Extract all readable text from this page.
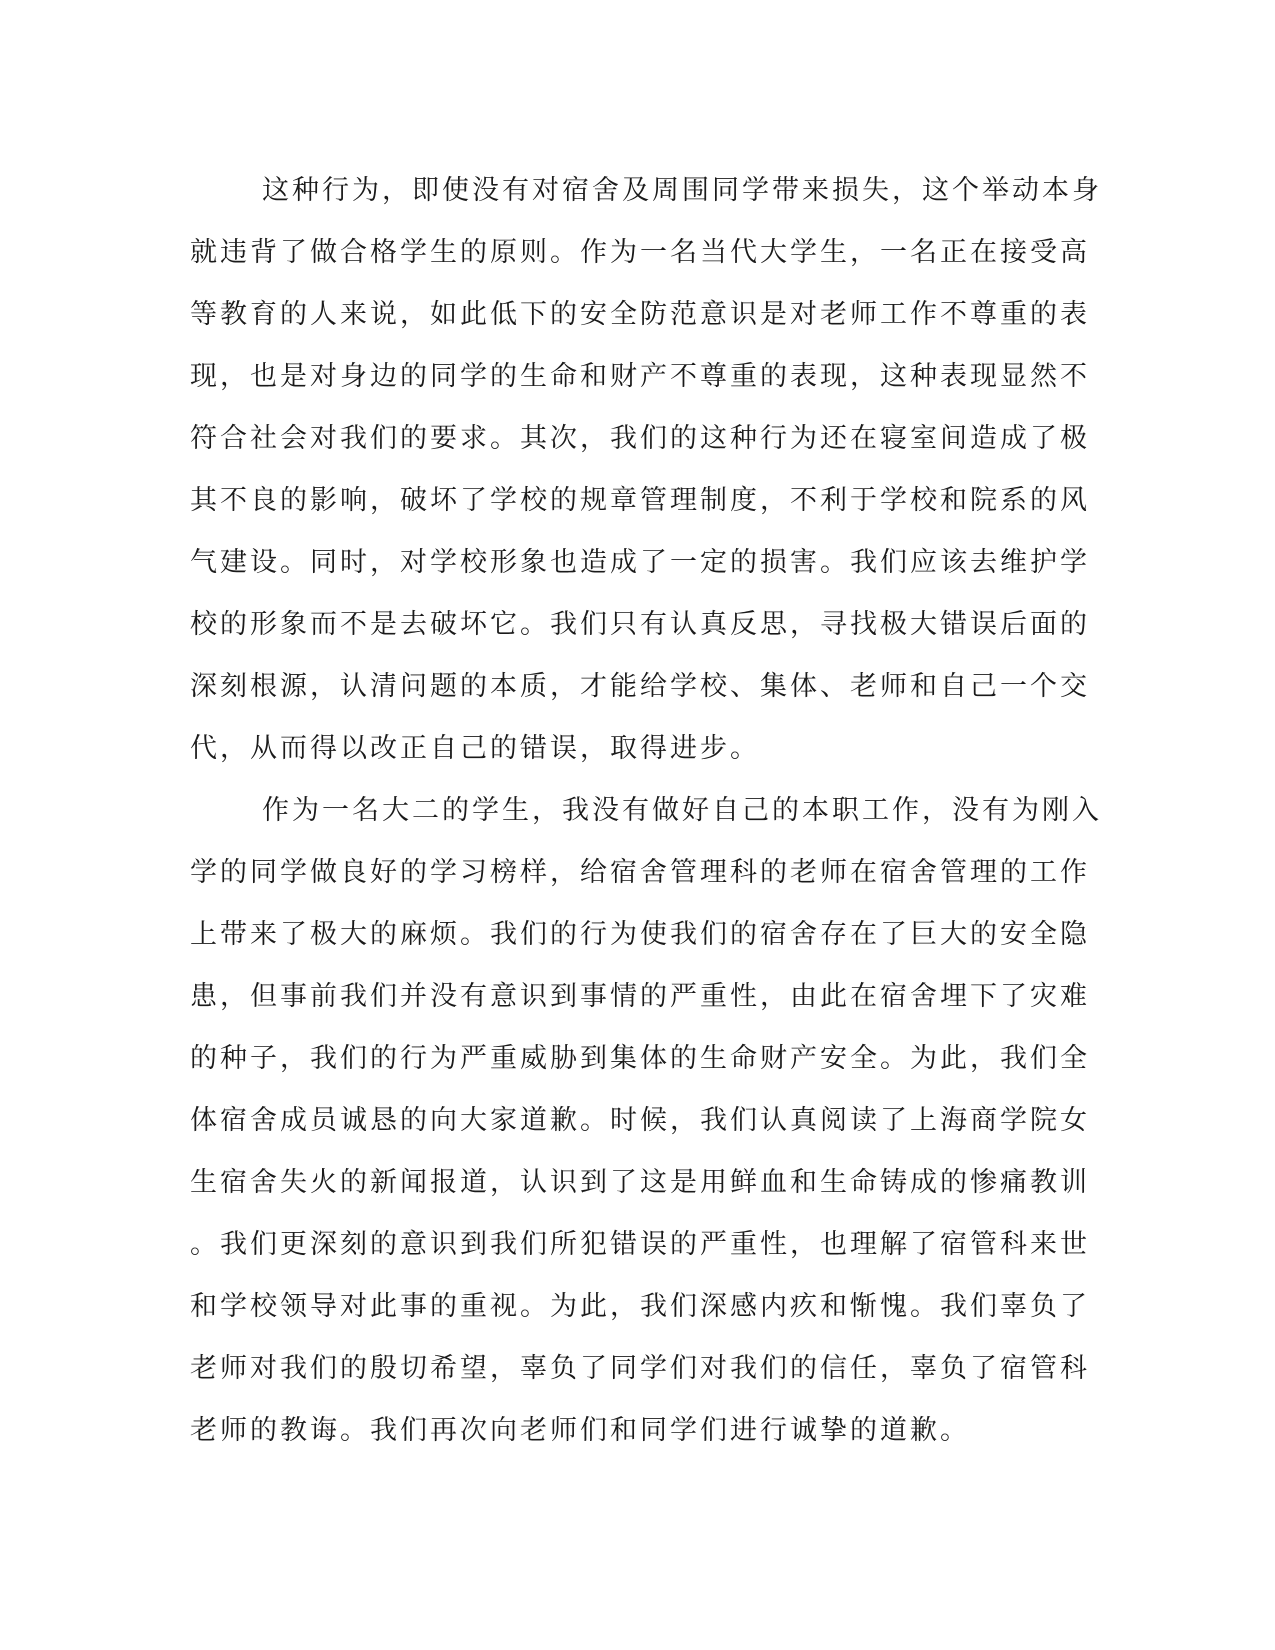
这种行为，即使没有对宿舍及周围同学带来损失，这个举动本身
就违背了做合格学生的原则。作为一名当代大学生，一名正在接受高
等教育的人来说，如此低下的安全防范意识是对老师工作不尊重的表
现，也是对身边的同学的生命和财产不尊重的表现，这种表现显然不
符合社会对我们的要求。其次，我们的这种行为还在寝室间造成了极
其不良的影响，破坏了学校的规章管理制度，不利于学校和院系的风
气建设。同时，对学校形象也造成了一定的损害。我们应该去维护学
校的形象而不是去破坏它。我们只有认真反思，寻找极大错误后面的
深刻根源，认清问题的本质，才能给学校、集体、老师和自己一个交
代，从而得以改正自己的错误，取得进步。
作为一名大二的学生，我没有做好自己的本职工作，没有为刚入
学的同学做良好的学习榜样，给宿舍管理科的老师在宿舍管理的工作
上带来了极大的麻烦。我们的行为使我们的宿舍存在了巨大的安全隐
患，但事前我们并没有意识到事情的严重性，由此在宿舍埋下了灾难
的种子，我们的行为严重威胁到集体的生命财产安全。为此，我们全
体宿舍成员诚恳的向大家道歉。时候，我们认真阅读了上海商学院女
生宿舍失火的新闻报道，认识到了这是用鲜血和生命铸成的惨痛教训
。我们更深刻的意识到我们所犯错误的严重性，也理解了宿管科来世
和学校领导对此事的重视。为此，我们深感内疚和惭愧。我们辜负了
老师对我们的殷切希望，辜负了同学们对我们的信任，辜负了宿管科
老师的教诲。我们再次向老师们和同学们进行诚挚的道歉。
